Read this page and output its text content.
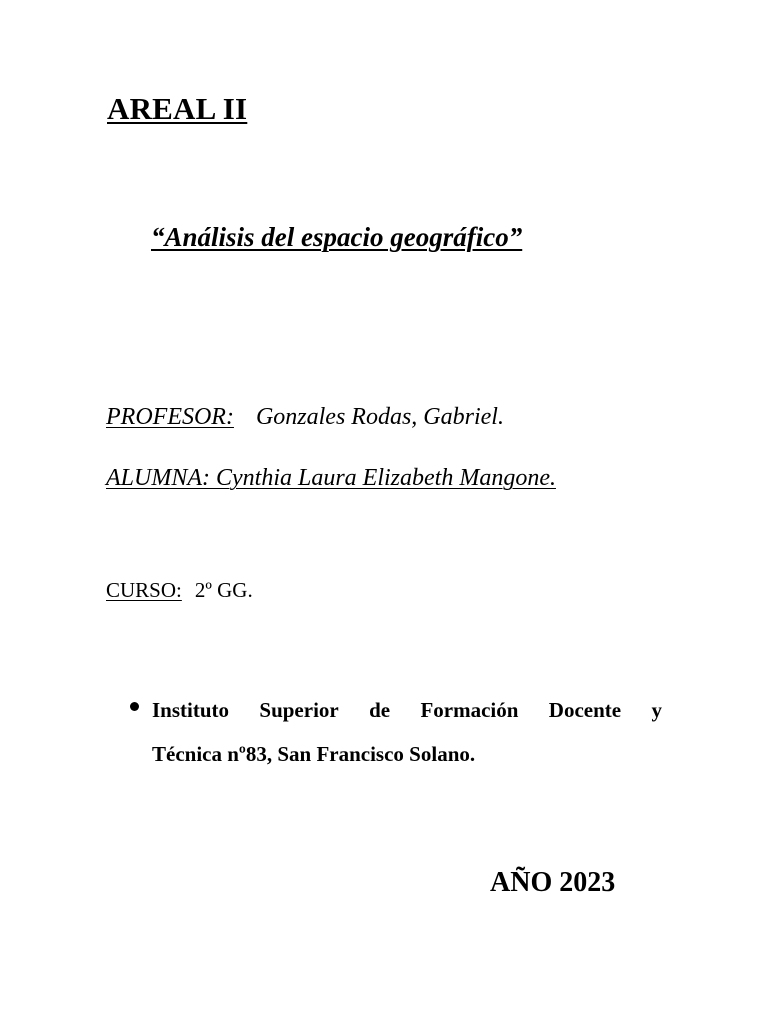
AREAL II
“Análisis del espacio geográfico”
PROFESOR: Gonzales Rodas, Gabriel.
ALUMNA: Cynthia Laura Elizabeth Mangone.
CURSO: 2º GG.
Instituto Superior de Formación Docente y
Técnica nº83, San Francisco Solano.
AÑO 2023
